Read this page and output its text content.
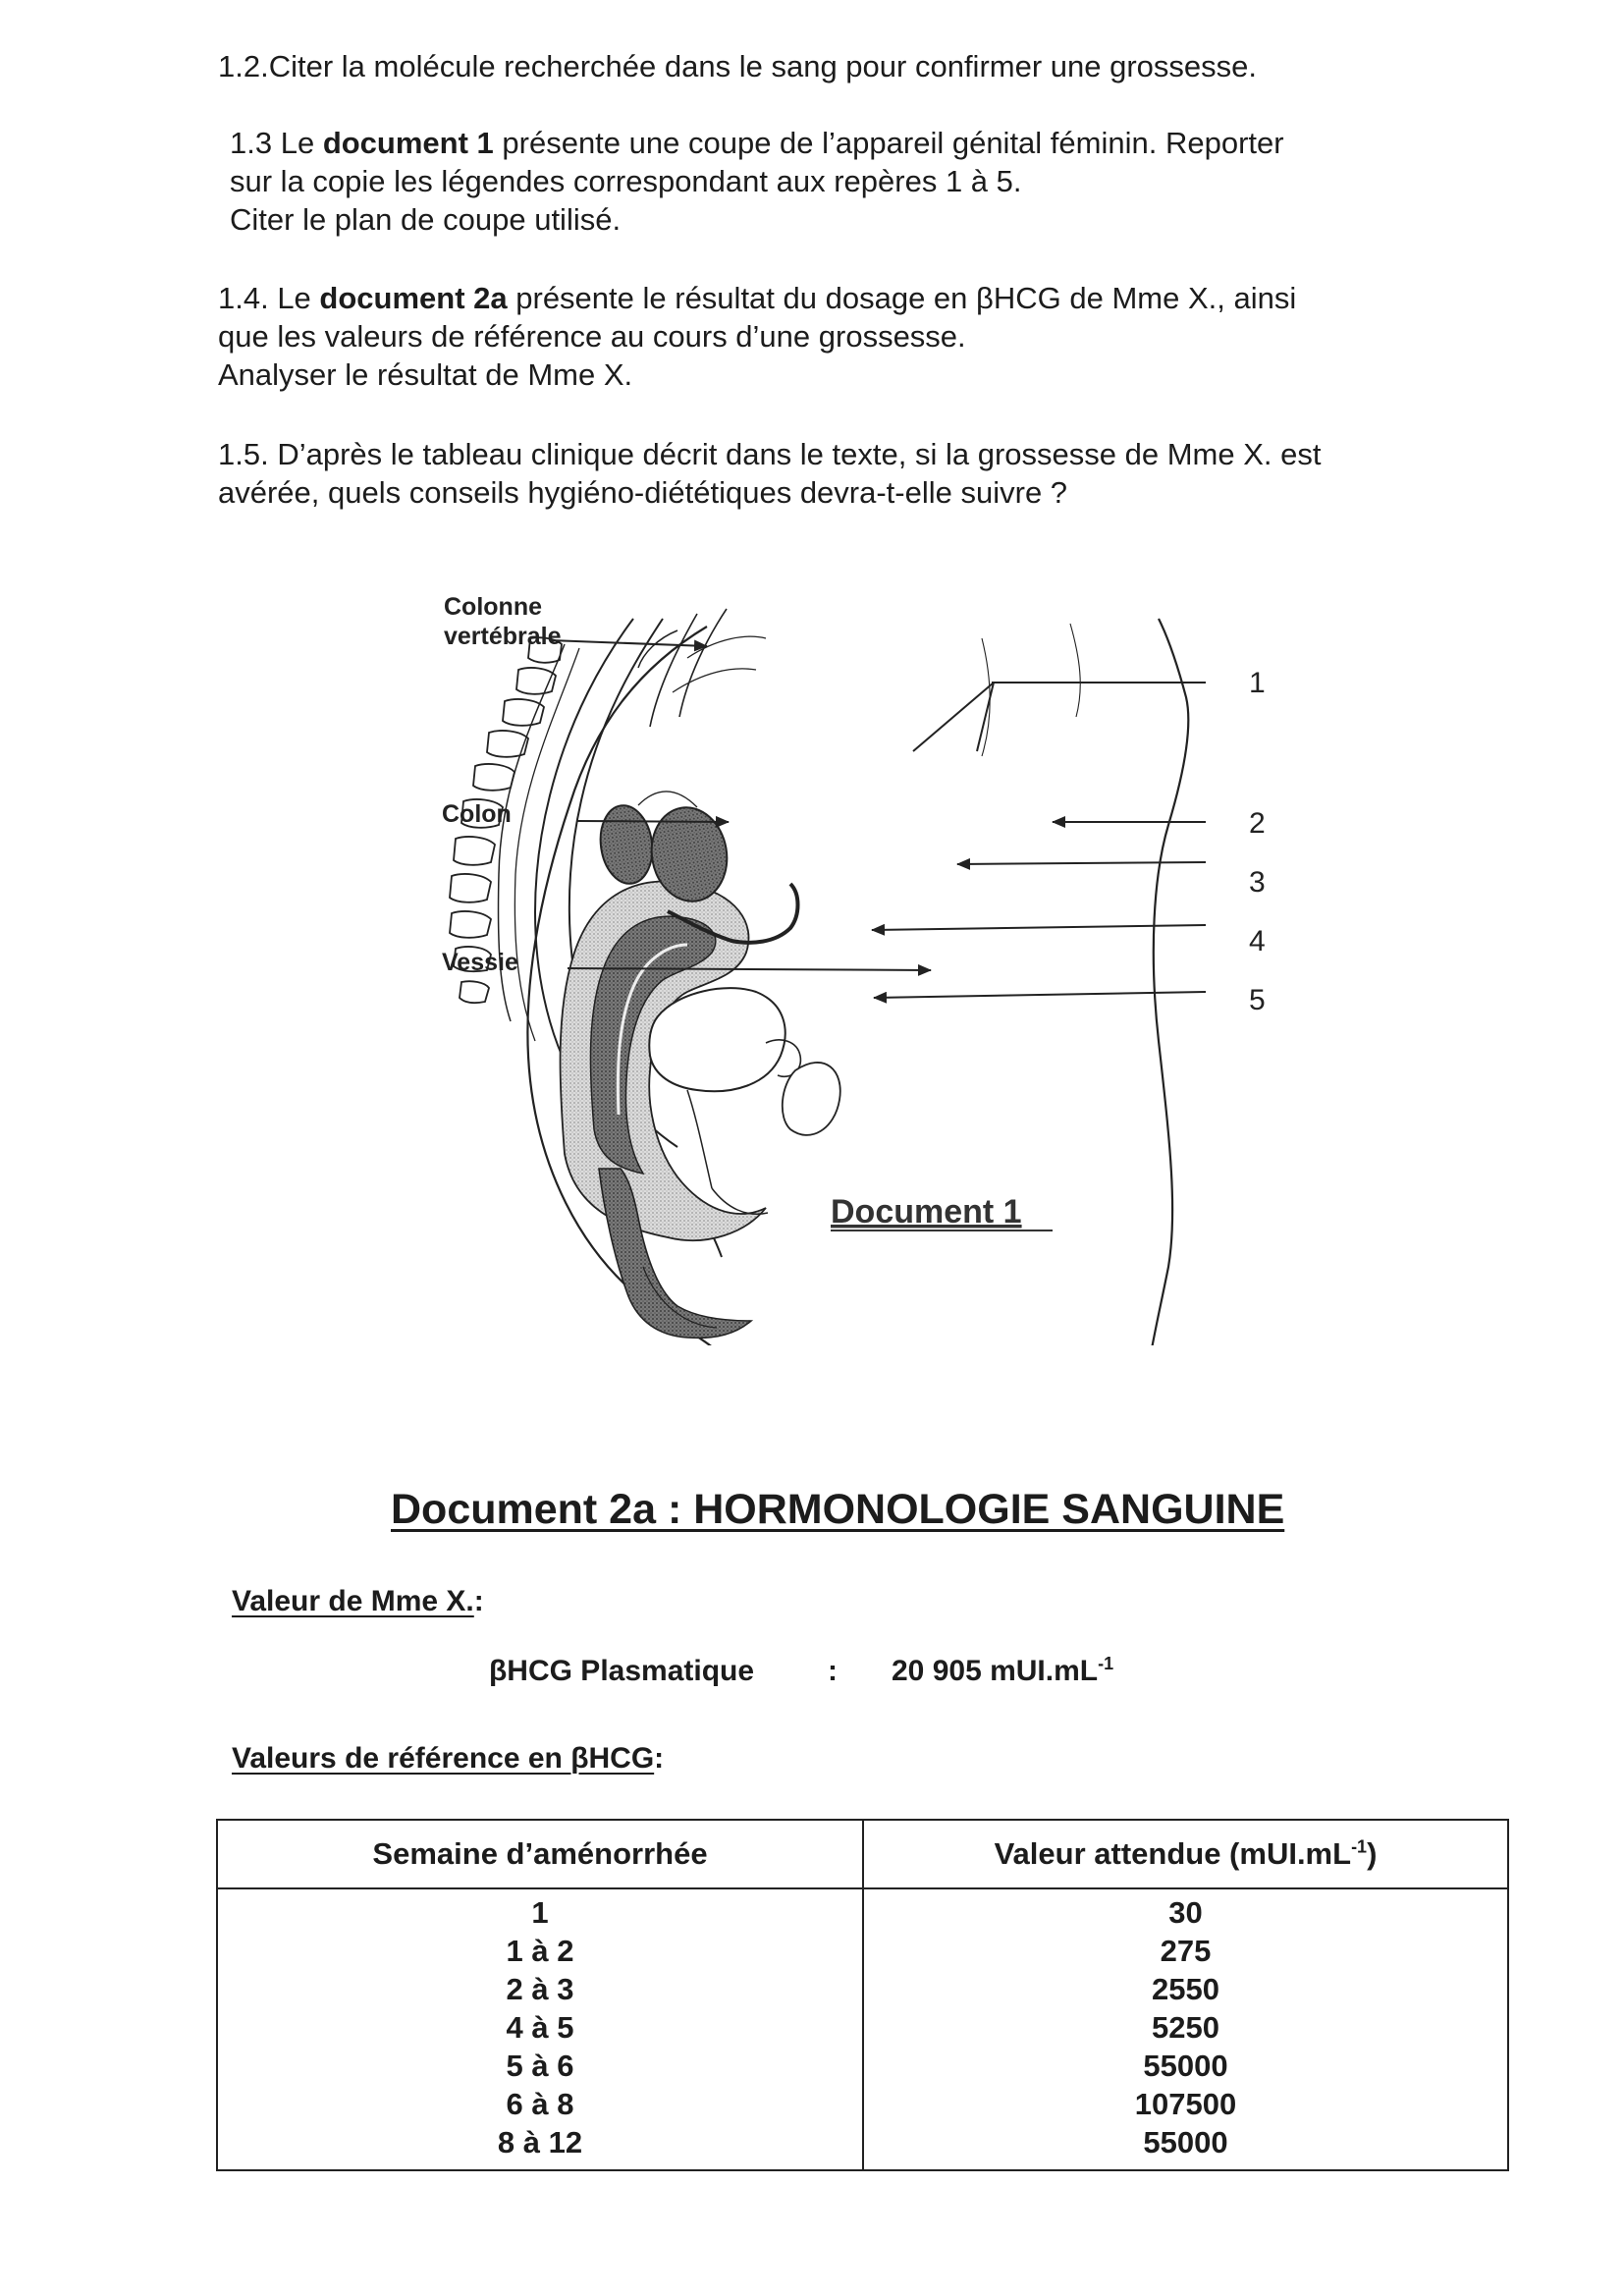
1.2.Citer la molécule recherchée dans le sang pour confirmer une grossesse.

1.3 Le document 1 présente une coupe de l’appareil génital féminin. Reporter

sur la copie les légendes correspondant aux repères 1 à 5.

Citer le plan de coupe utilisé.

1.4. Le document 2a présente le résultat du dosage en βHCG de Mme X., ainsi

que les valeurs de référence au cours d’une grossesse.

Analyser le résultat de Mme X.

1.5. D’après le tableau clinique décrit dans le texte, si la grossesse de Mme X. est

avérée, quels conseils hygiéno-diététiques devra-t-elle suivre ?

Colonne
vertébrale
Colon
Vessie
1
2
3
4
5
Document 1
Document 2a : HORMONOLOGIE SANGUINE
Valeur de Mme X.:
βHCG Plasmatique : 20 905 $mUI.mL^{-1}$
Valeurs de référence en βHCG:
Semaine d’aménorrhée	Valeur attendue $(mUI.mL^{-1})$
1	30
1 à 2	275
2 à 3	2550
4 à 5	5250
5 à 6	55000
6 à 8	107500
8 à 12	55000
